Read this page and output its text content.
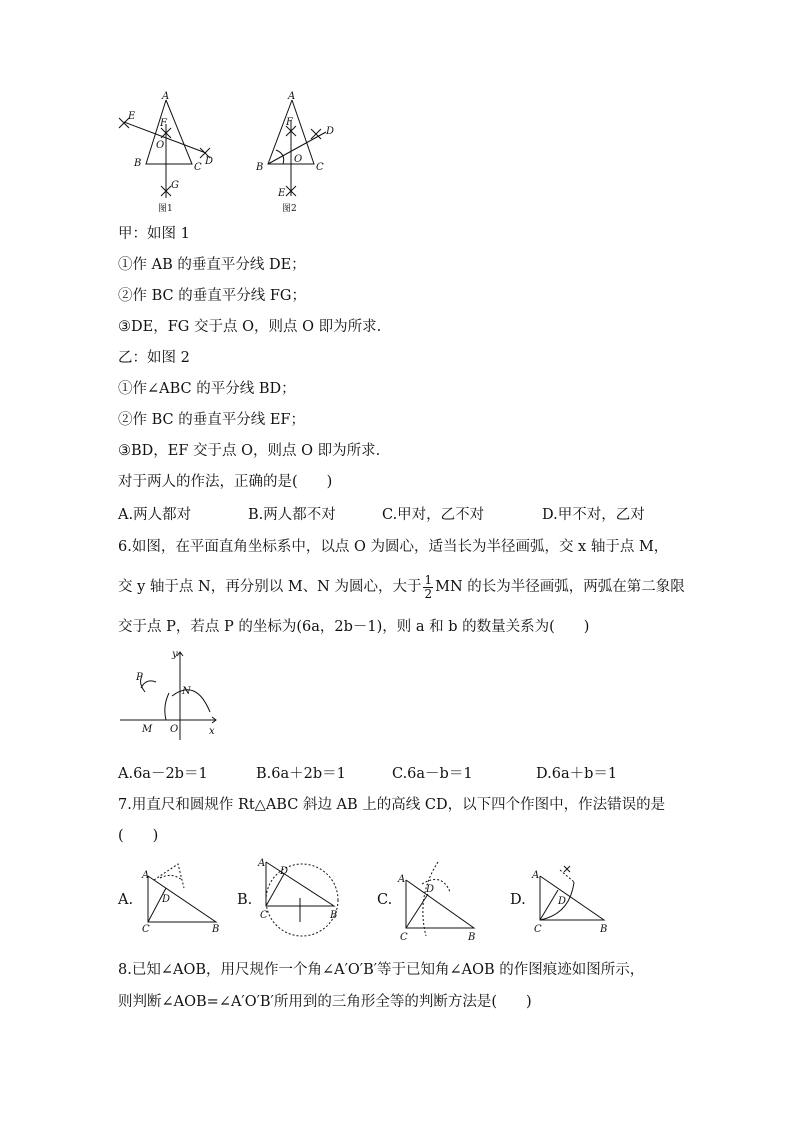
A
B	C
D
E
F
O
G
图1
A
B	C
D
E
F
O
图2
甲：如图 1
①作 AB 的垂直平分线 DE；
②作 BC 的垂直平分线 FG；
③DE，FG 交于点 O，则点 O 即为所求.
乙：如图 2
①作∠ABC 的平分线 BD；
②作 BC 的垂直平分线 EF；
③BD，EF 交于点 O，则点 O 即为所求.
对于两人的作法，正确的是(　　)
A.两人都对	B.两人都不对	C.甲对，乙不对	D.甲不对，乙对
6.如图，在平面直角坐标系中，以点 O 为圆心，适当长为半径画弧，交 x 轴于点 M，
交 y 轴于点 N，再分别以 M、N 为圆心，大于 $\frac{1}{2}$ MN 的长为半径画弧，两弧在第二象限
交于点 P，若点 P 的坐标为(6a，2b－1)，则 a 和 b 的数量关系为(　　)
y
x
P
N
M O
A.6a－2b＝1	B.6a＋2b＝1	C.6a－b＝1	D.6a＋b＝1
7.用直尺和圆规作 Rt△ABC 斜边 AB 上的高线 CD，以下四个作图中，作法错误的是
(　　)
A.
A
D
C	B
B.
A
D
C	B
C.
A
D
C	B
D.
A
D
C	B
8.已知∠AOB，用尺规作一个角∠A′O′B′等于已知角∠AOB 的作图痕迹如图所示，
则判断∠AOB=∠A′O′B′所用到的三角形全等的判断方法是(　　)
